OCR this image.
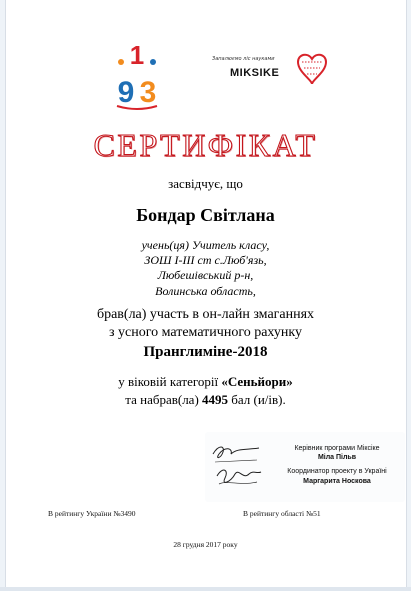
1
9 3
Запалюємо ліс науками
MIKSIKE
СЕРТИФІКАТ
засвідчує, що
Бондар Світлана
учень(ця) Учитель класу,
ЗОШ І-ІІІ ст с.Люб'язь,
Любешівський р-н,
Волинська область,
брав(ла) участь в он-лайн змаганнях
з усного математичного рахунку
Пранглиміне-2018
у віковій категорії «Сеньйори»
та набрав(ла) 4495 бал (и/ів).
Керівник програми Міксіке
Міла Пільв
Координатор проекту в Україні
Маргарита Носкова
В рейтингу України №3490	В рейтингу області №51
28 грудня 2017 року
